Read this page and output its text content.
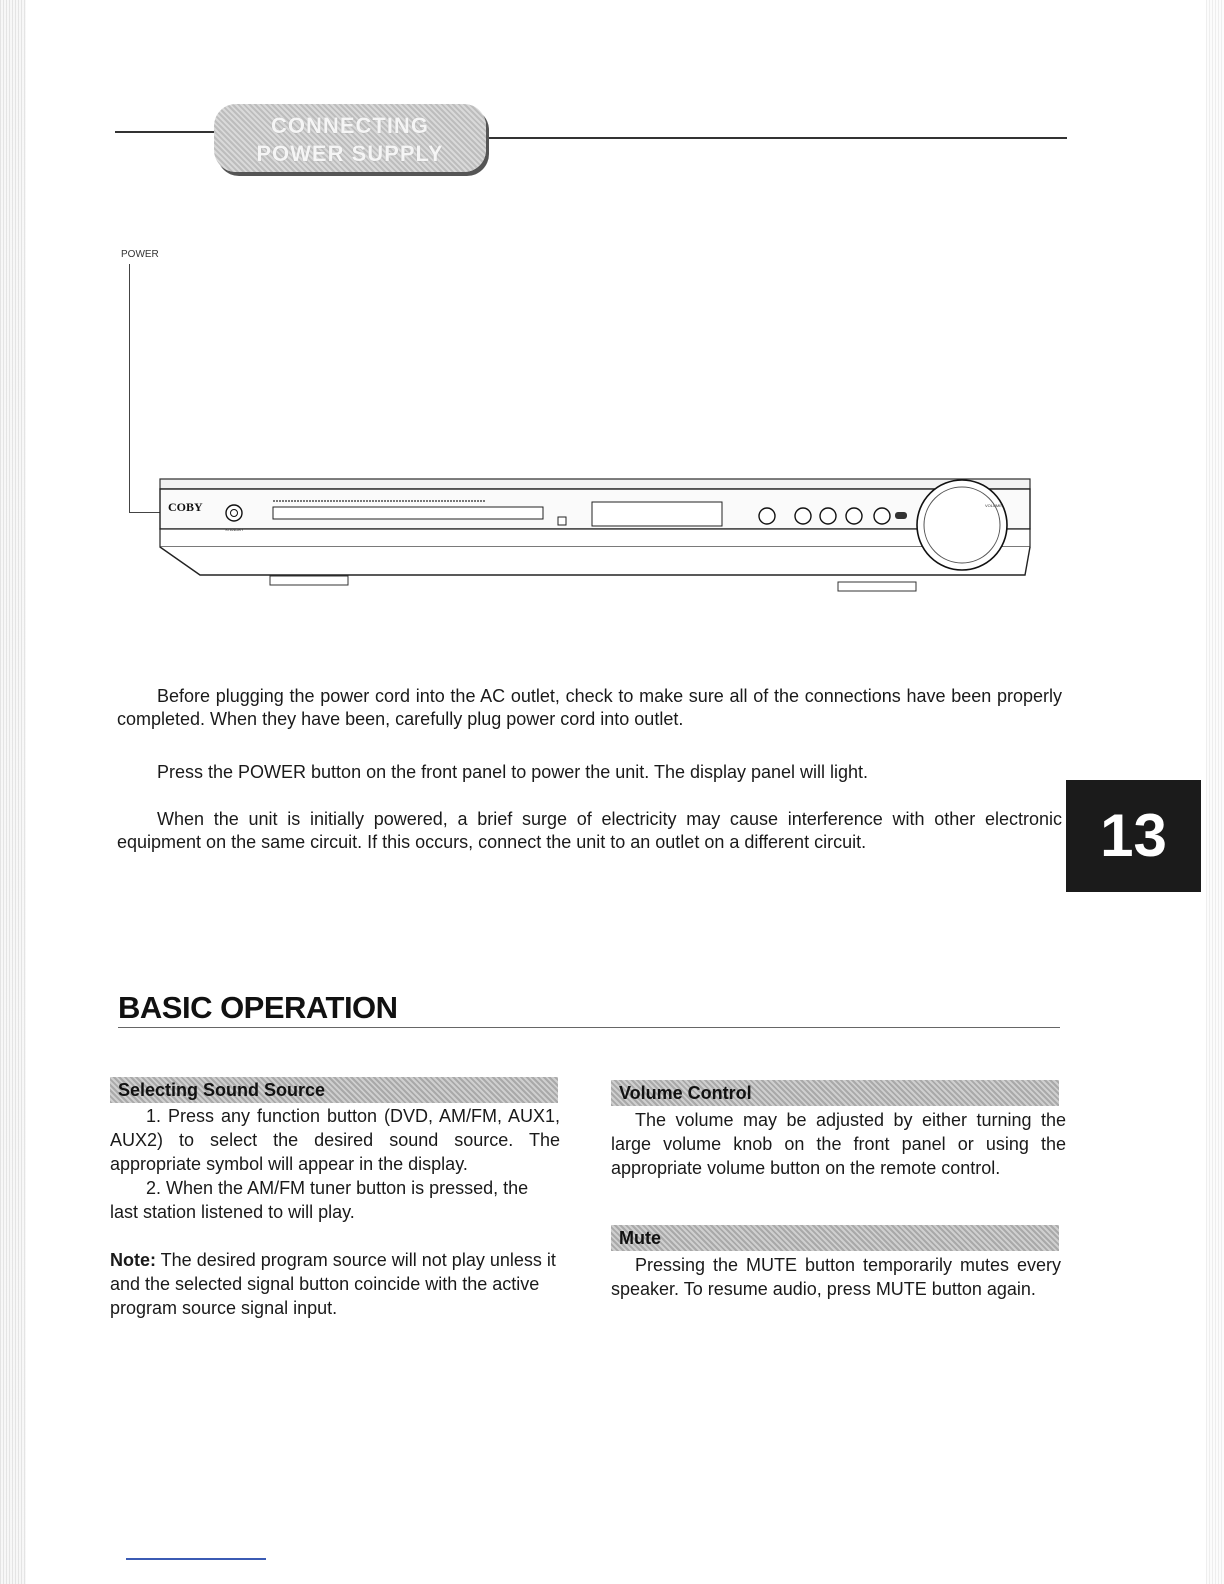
CONNECTING
POWER SUPPLY
POWER
COBY
STANDBY
VOLUME

Before plugging the power cord into the AC outlet, check to make sure all of the connections have been properly completed. When they have been, carefully plug power cord into outlet.

Press the POWER button on the front panel to power the unit. The display panel will light.

When the unit is initially powered, a brief surge of electricity may cause interference with other electronic equipment on the same circuit. If this occurs, connect the unit to an outlet on a different circuit.	13
BASIC OPERATION
Selecting Sound Source

1. Press any function button (DVD, AM/FM, AUX1, AUX2) to select the desired sound source. The appropriate symbol will appear in the display.

2. When the AM/FM tuner button is pressed, the last station listened to will play.

Note: The desired program source will not play unless it and the selected signal button coincide with the active program source signal input.

Volume Control

The volume may be adjusted by either turning the large volume knob on the front panel or using the appropriate volume button on the remote control.

Mute

Pressing the MUTE button temporarily mutes every speaker. To resume audio, press MUTE button again.
